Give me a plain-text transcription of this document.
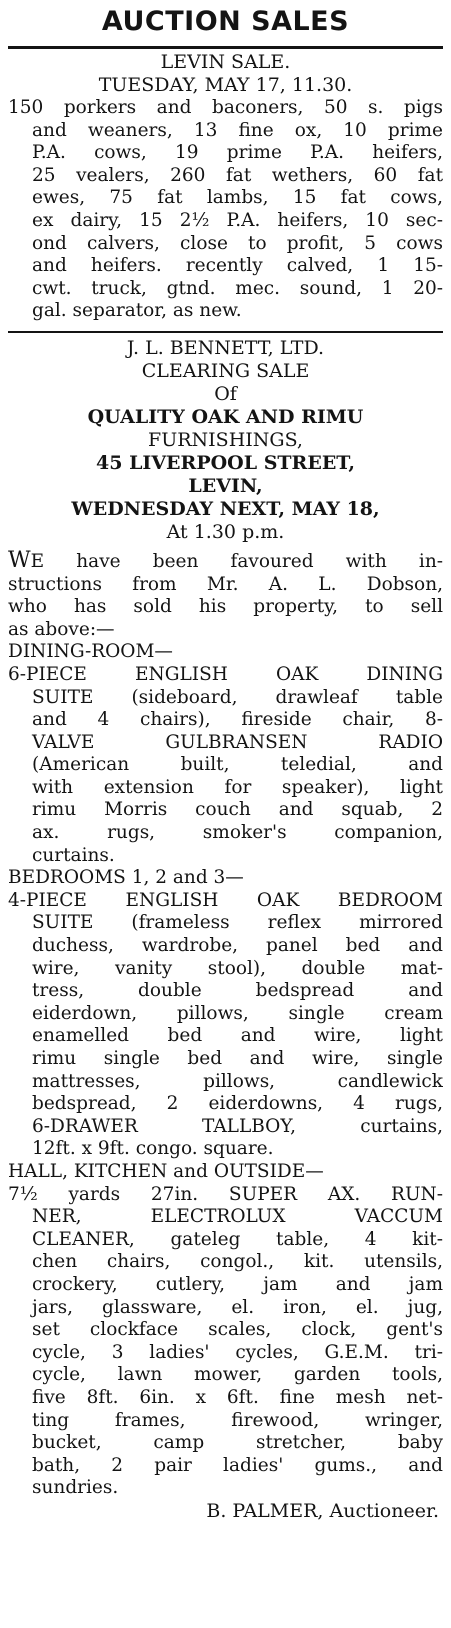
AUCTION SALES
LEVIN SALE.
TUESDAY, MAY 17, 11.30.
150 porkers and baconers, 50 s. pigs
and weaners, 13 fine ox, 10 prime
P.A. cows, 19 prime P.A. heifers,
25 vealers, 260 fat wethers, 60 fat
ewes, 75 fat lambs, 15 fat cows,
ex dairy, 15 2½ P.A. heifers, 10 sec-
ond calvers, close to profit, 5 cows
and heifers. recently calved, 1 15-
cwt. truck, gtnd. mec. sound, 1 20-
gal. separator, as new.
J. L. BENNETT, LTD.
CLEARING SALE
Of
QUALITY OAK AND RIMU
FURNISHINGS,
45 LIVERPOOL STREET,
LEVIN,
WEDNESDAY NEXT, MAY 18,
At 1.30 p.m.
WE have been favoured with in-
structions from Mr. A. L. Dobson,
who has sold his property, to sell
as above:—
DINING-ROOM—
6-PIECE ENGLISH OAK DINING
SUITE (sideboard, drawleaf table
and 4 chairs), fireside chair, 8-
VALVE GULBRANSEN RADIO
(American built, teledial, and
with extension for speaker), light
rimu Morris couch and squab, 2
ax. rugs, smoker's companion,
curtains.
BEDROOMS 1, 2 and 3—
4-PIECE ENGLISH OAK BEDROOM
SUITE (frameless reflex mirrored
duchess, wardrobe, panel bed and
wire, vanity stool), double mat-
tress, double bedspread and
eiderdown, pillows, single cream
enamelled bed and wire, light
rimu single bed and wire, single
mattresses, pillows, candlewick
bedspread, 2 eiderdowns, 4 rugs,
6-DRAWER TALLBOY, curtains,
12ft. x 9ft. congo. square.
HALL, KITCHEN and OUTSIDE—
7½ yards 27in. SUPER AX. RUN-
NER, ELECTROLUX VACCUM
CLEANER, gateleg table, 4 kit-
chen chairs, congol., kit. utensils,
crockery, cutlery, jam and jam
jars, glassware, el. iron, el. jug,
set clockface scales, clock, gent's
cycle, 3 ladies' cycles, G.E.M. tri-
cycle, lawn mower, garden tools,
five 8ft. 6in. x 6ft. fine mesh net-
ting frames, firewood, wringer,
bucket, camp stretcher, baby
bath, 2 pair ladies' gums., and
sundries.
B. PALMER, Auctioneer.
